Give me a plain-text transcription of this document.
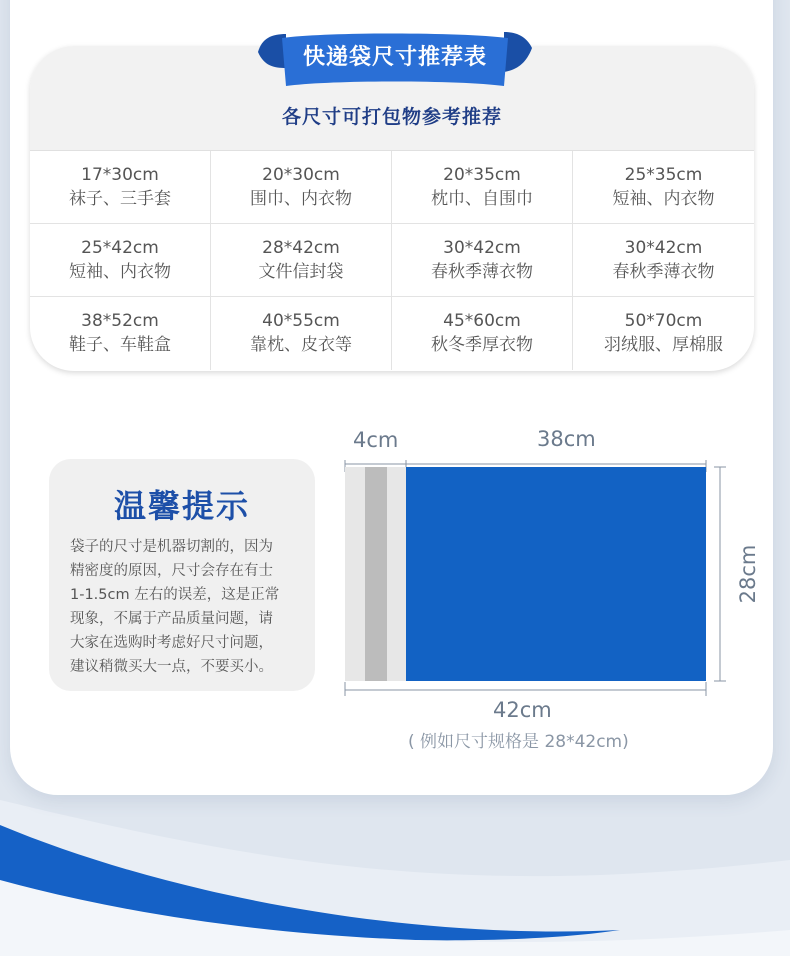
各尺寸可打包物参考推荐
17*30cm
袜子、三手套
20*30cm
围巾、内衣物
20*35cm
枕巾、自围巾
25*35cm
短袖、内衣物
25*42cm
短袖、内衣物
28*42cm
文件信封袋
30*42cm
春秋季薄衣物
30*42cm
春秋季薄衣物
38*52cm
鞋子、车鞋盒
40*55cm
靠枕、皮衣等
45*60cm
秋冬季厚衣物
50*70cm
羽绒服、厚棉服
快递袋尺寸推荐表
温馨提示
袋子的尺寸是机器切割的，因为
精密度的原因，尺寸会存在有士
1-1.5cm 左右的误差，这是正常
现象，不属于产品质量问题，请
大家在选购时考虑好尺寸问题，
建议稍微买大一点，不要买小。
4cm	38cm
28cm
42cm
( 例如尺寸规格是 28*42cm)
